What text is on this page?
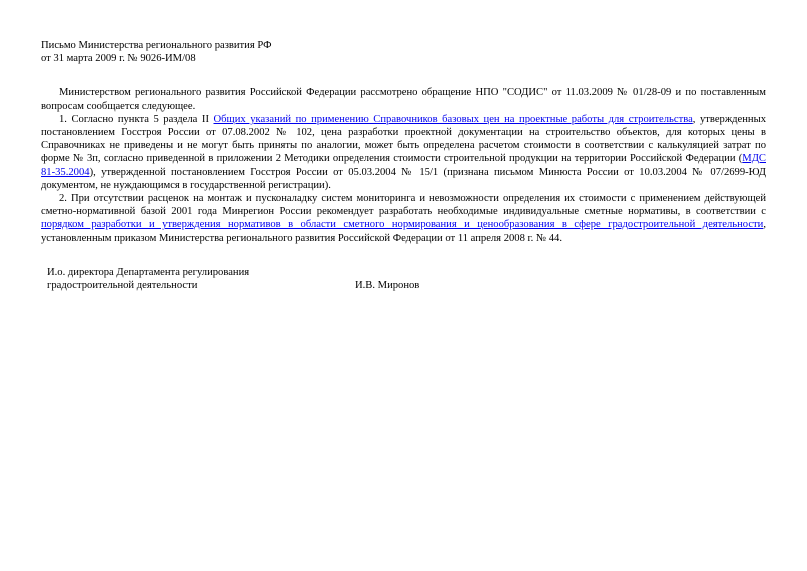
Письмо Министерства регионального развития РФ
от 31 марта 2009 г. № 9026-ИМ/08

Министерством регионального развития Российской Федерации рассмотрено обращение НПО "СОДИС" от 11.03.2009 № 01/28-09 и по поставленным вопросам сообщается следующее.

1. Согласно пункта 5 раздела II Общих указаний по применению Справочников базовых цен на проектные работы для строительства, утвержденных постановлением Госстроя России от 07.08.2002 № 102, цена разработки проектной документации на строительство объектов, для которых цены в Справочниках не приведены и не могут быть приняты по аналогии, может быть определена расчетом стоимости в соответствии с калькуляцией затрат по форме № 3п, согласно приведенной в приложении 2 Методики определения стоимости строительной продукции на территории Российской Федерации (МДС 81-35.2004), утвержденной постановлением Госстроя России от 05.03.2004 № 15/1 (признана письмом Минюста России от 10.03.2004 № 07/2699-ЮД документом, не нуждающимся в государственной регистрации).

2. При отсутствии расценок на монтаж и пусконаладку систем мониторинга и невозможности определения их стоимости с применением действующей сметно-нормативной базой 2001 года Минрегион России рекомендует разработать необходимые индивидуальные сметные нормативы, в соответствии с порядком разработки и утверждения нормативов в области сметного нормирования и ценообразования в сфере градостроительной деятельности, установленным приказом Министерства регионального развития Российской Федерации от 11 апреля 2008 г. № 44.

И.о. директора Департамента регулирования
градостроительной деятельности	И.В. Миронов
